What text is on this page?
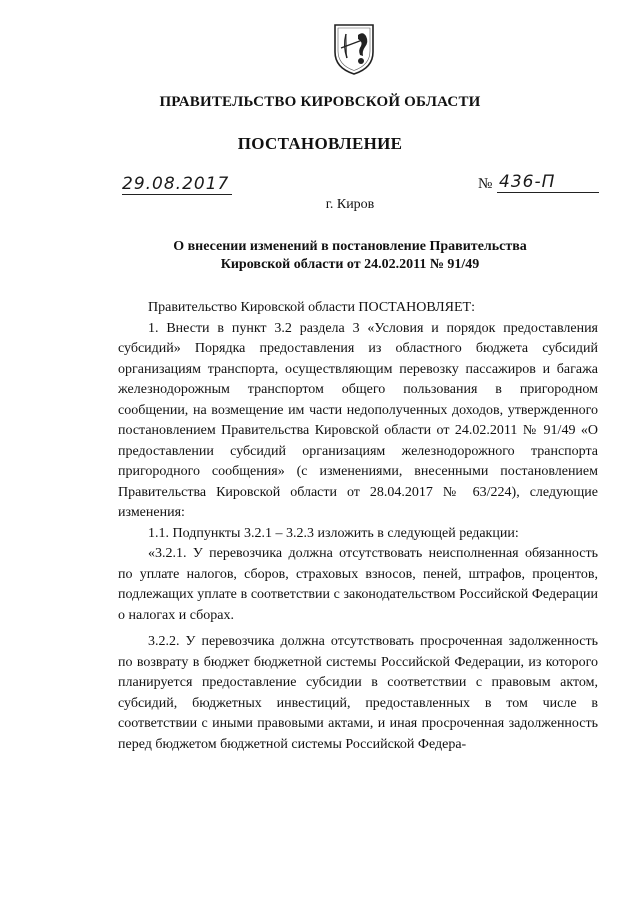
ПРАВИТЕЛЬСТВО КИРОВСКОЙ ОБЛАСТИ
ПОСТАНОВЛЕНИЕ
29.08.2017	№ 436-П
г. Киров
О внесении изменений в постановление Правительства
Кировской области от 24.02.2011 № 91/49

Правительство Кировской области ПОСТАНОВЛЯЕТ:

1. Внести в пункт 3.2 раздела 3 «Условия и порядок предоставления субсидий» Порядка предоставления из областного бюджета субсидий организациям транспорта, осуществляющим перевозку пассажиров и багажа железнодорожным транспортом общего пользования в пригородном сообщении, на возмещение им части недополученных доходов, утвержденного постановлением Правительства Кировской области от 24.02.2011 № 91/49 «О предоставлении субсидий организациям железнодорожного транспорта пригородного сообщения» (с изменениями, внесенными постановлением Правительства Кировской области от 28.04.2017 № 63/224), следующие изменения:

1.1. Подпункты 3.2.1 – 3.2.3 изложить в следующей редакции:

«3.2.1. У перевозчика должна отсутствовать неисполненная обязанность по уплате налогов, сборов, страховых взносов, пеней, штрафов, процентов, подлежащих уплате в соответствии с законодательством Российской Федерации о налогах и сборах.

3.2.2. У перевозчика должна отсутствовать просроченная задолженность по возврату в бюджет бюджетной системы Российской Федерации, из которого планируется предоставление субсидии в соответствии с правовым актом, субсидий, бюджетных инвестиций, предоставленных в том числе в соответствии с иными правовыми актами, и иная просроченная задолженность перед бюджетом бюджетной системы Российской Федера-
